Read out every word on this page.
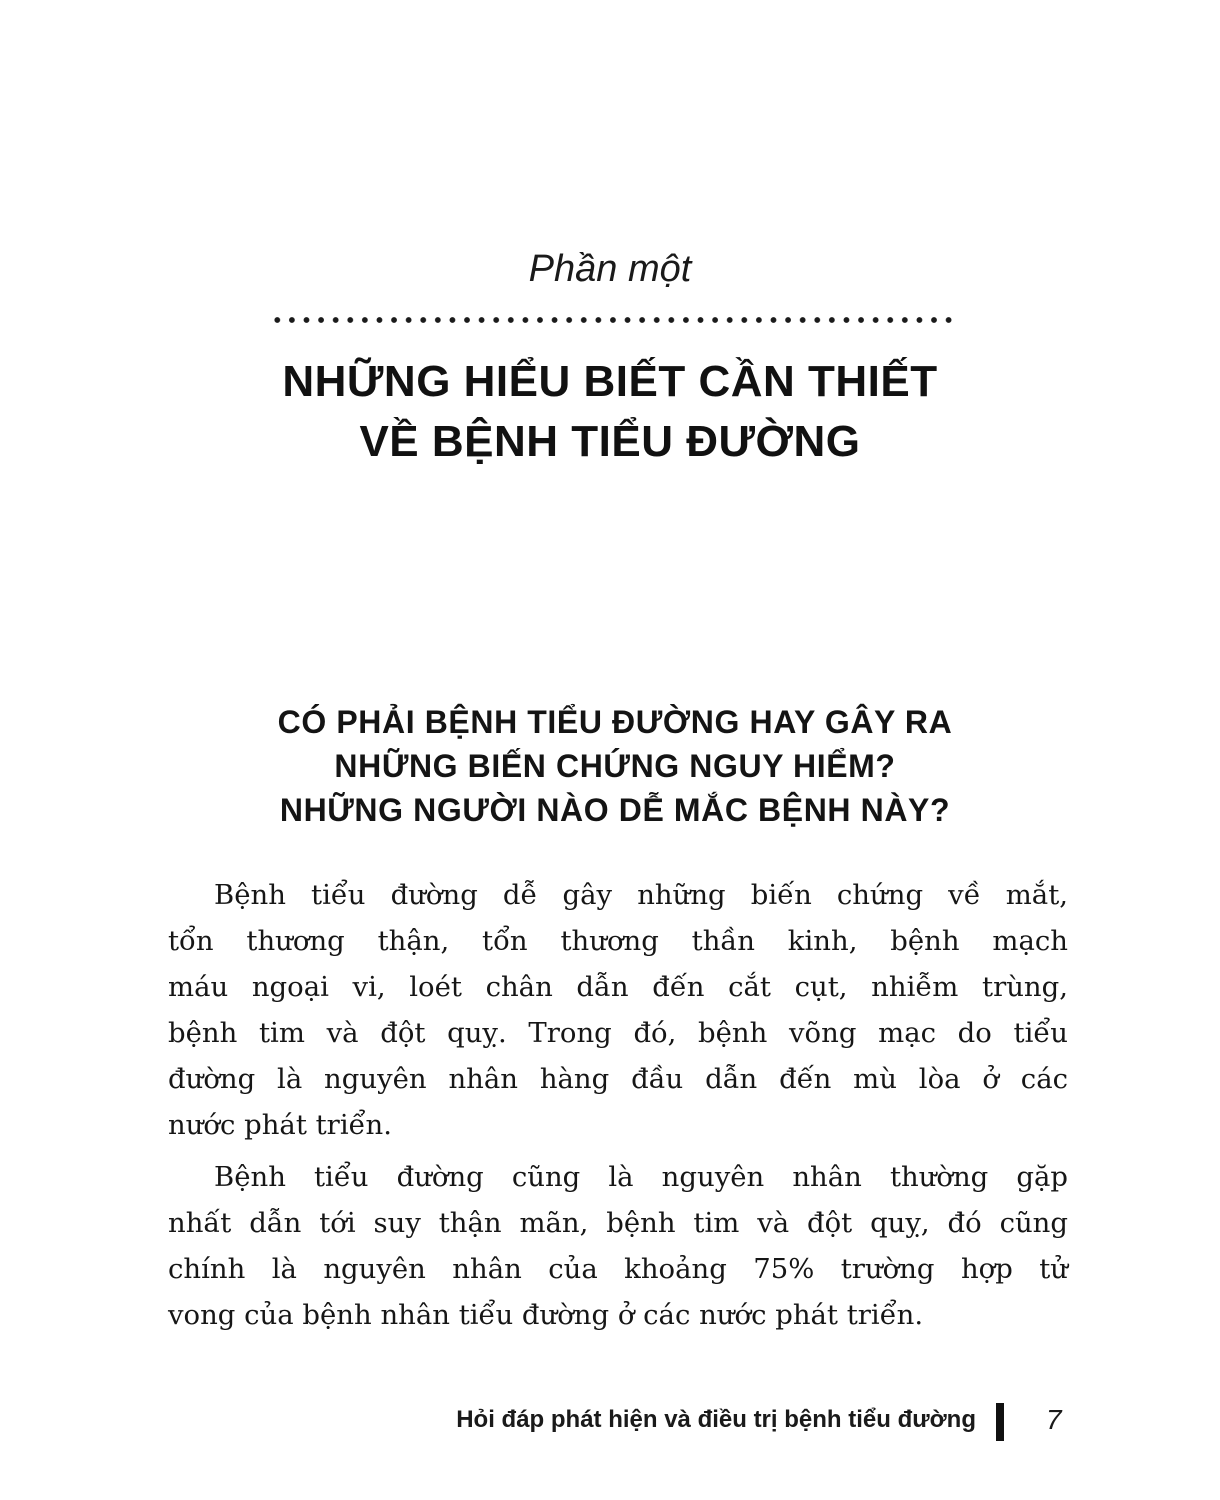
Phần một
NHỮNG HIỂU BIẾT CẦN THIẾT
VỀ BỆNH TIỂU ĐƯỜNG
CÓ PHẢI BỆNH TIỂU ĐƯỜNG HAY GÂY RA
NHỮNG BIẾN CHỨNG NGUY HIỂM?
NHỮNG NGƯỜI NÀO DỄ MẮC BỆNH NÀY?
Bệnh tiểu đường dễ gây những biến chứng về mắt,
tổn thương thận, tổn thương thần kinh, bệnh mạch
máu ngoại vi, loét chân dẫn đến cắt cụt, nhiễm trùng,
bệnh tim và đột quỵ. Trong đó, bệnh võng mạc do tiểu
đường là nguyên nhân hàng đầu dẫn đến mù lòa ở các
nước phát triển.
Bệnh tiểu đường cũng là nguyên nhân thường gặp
nhất dẫn tới suy thận mãn, bệnh tim và đột quỵ, đó cũng
chính là nguyên nhân của khoảng 75% trường hợp tử
vong của bệnh nhân tiểu đường ở các nước phát triển.
Hỏi đáp phát hiện và điều trị bệnh tiểu đường	7
